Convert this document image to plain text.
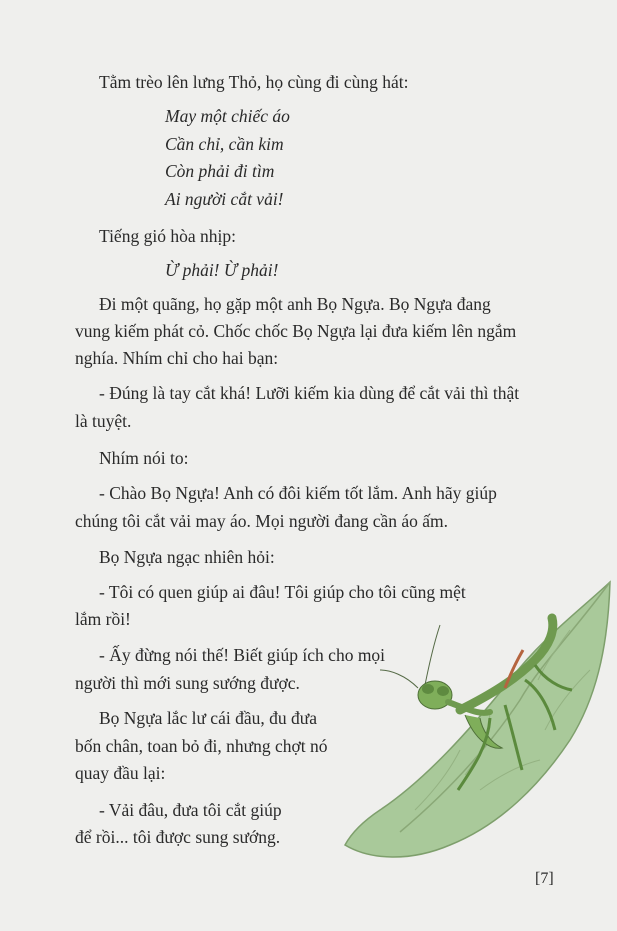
Tằm trèo lên lưng Thỏ, họ cùng đi cùng hát:
May một chiếc áo
Cần chỉ, cần kim
Còn phải đi tìm
Ai người cắt vải!
Tiếng gió hòa nhịp:
Ừ phải! Ừ phải!
Đi một quãng, họ gặp một anh Bọ Ngựa. Bọ Ngựa đang
vung kiếm phát cỏ. Chốc chốc Bọ Ngựa lại đưa kiếm lên ngắm
nghía. Nhím chỉ cho hai bạn:
- Đúng là tay cắt khá! Lưỡi kiếm kia dùng để cắt vải thì thật
là tuyệt.
Nhím nói to:
- Chào Bọ Ngựa! Anh có đôi kiếm tốt lắm. Anh hãy giúp
chúng tôi cắt vải may áo. Mọi người đang cần áo ấm.
Bọ Ngựa ngạc nhiên hỏi:
- Tôi có quen giúp ai đâu! Tôi giúp cho tôi cũng mệt
lắm rồi!
- Ấy đừng nói thế! Biết giúp ích cho mọi
người thì mới sung sướng được.
Bọ Ngựa lắc lư cái đầu, đu đưa
bốn chân, toan bỏ đi, nhưng chợt nó
quay đầu lại:
- Vải đâu, đưa tôi cắt giúp
để rồi... tôi được sung sướng.
[7]
